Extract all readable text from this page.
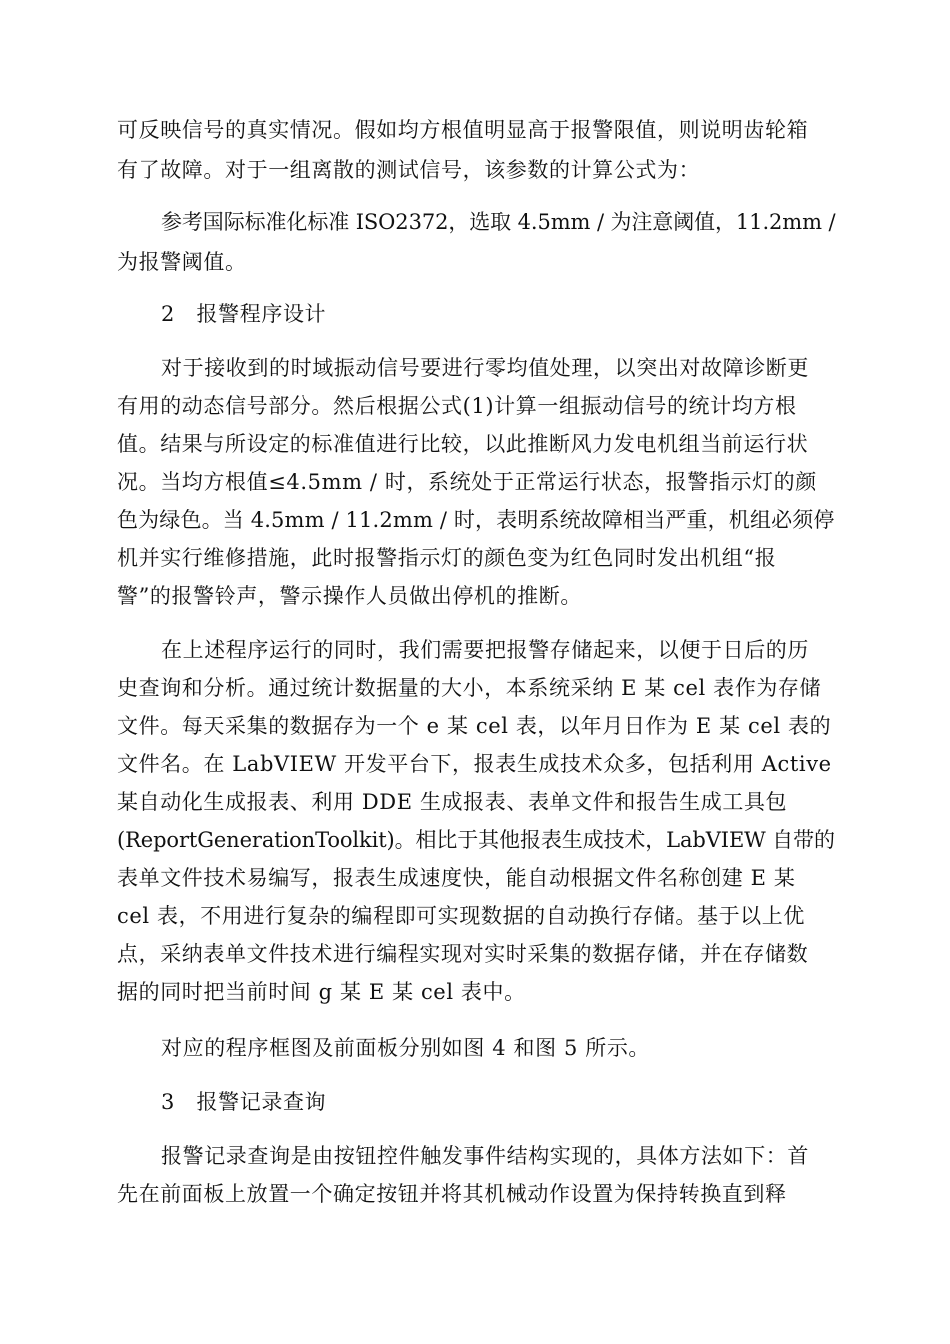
可反映信号的真实情况。假如均方根值明显高于报警限值，则说明齿轮箱
有了故障。对于一组离散的测试信号，该参数的计算公式为：
参考国际标准化标准 ISO2372，选取 4.5mm / 为注意阈值，11.2mm /
为报警阈值。
2　报警程序设计
对于接收到的时域振动信号要进行零均值处理，以突出对故障诊断更
有用的动态信号部分。然后根据公式(1)计算一组振动信号的统计均方根
值。结果与所设定的标准值进行比较，以此推断风力发电机组当前运行状
况。当均方根值≤4.5mm / 时，系统处于正常运行状态，报警指示灯的颜
色为绿色。当 4.5mm / 11.2mm / 时，表明系统故障相当严重，机组必须停
机并实行维修措施，此时报警指示灯的颜色变为红色同时发出机组“报
警”的报警铃声，警示操作人员做出停机的推断。
在上述程序运行的同时，我们需要把报警存储起来，以便于日后的历
史查询和分析。通过统计数据量的大小，本系统采纳 E 某 cel 表作为存储
文件。每天采集的数据存为一个 e 某 cel 表，以年月日作为 E 某 cel 表的
文件名。在 LabVIEW 开发平台下，报表生成技术众多，包括利用 Active
某自动化生成报表、利用 DDE 生成报表、表单文件和报告生成工具包
(ReportGenerationToolkit)。相比于其他报表生成技术，LabVIEW 自带的
表单文件技术易编写，报表生成速度快，能自动根据文件名称创建 E 某
cel 表，不用进行复杂的编程即可实现数据的自动换行存储。基于以上优
点，采纳表单文件技术进行编程实现对实时采集的数据存储，并在存储数
据的同时把当前时间 g 某 E 某 cel 表中。
对应的程序框图及前面板分别如图 4 和图 5 所示。
3　报警记录查询
报警记录查询是由按钮控件触发事件结构实现的，具体方法如下：首
先在前面板上放置一个确定按钮并将其机械动作设置为保持转换直到释
